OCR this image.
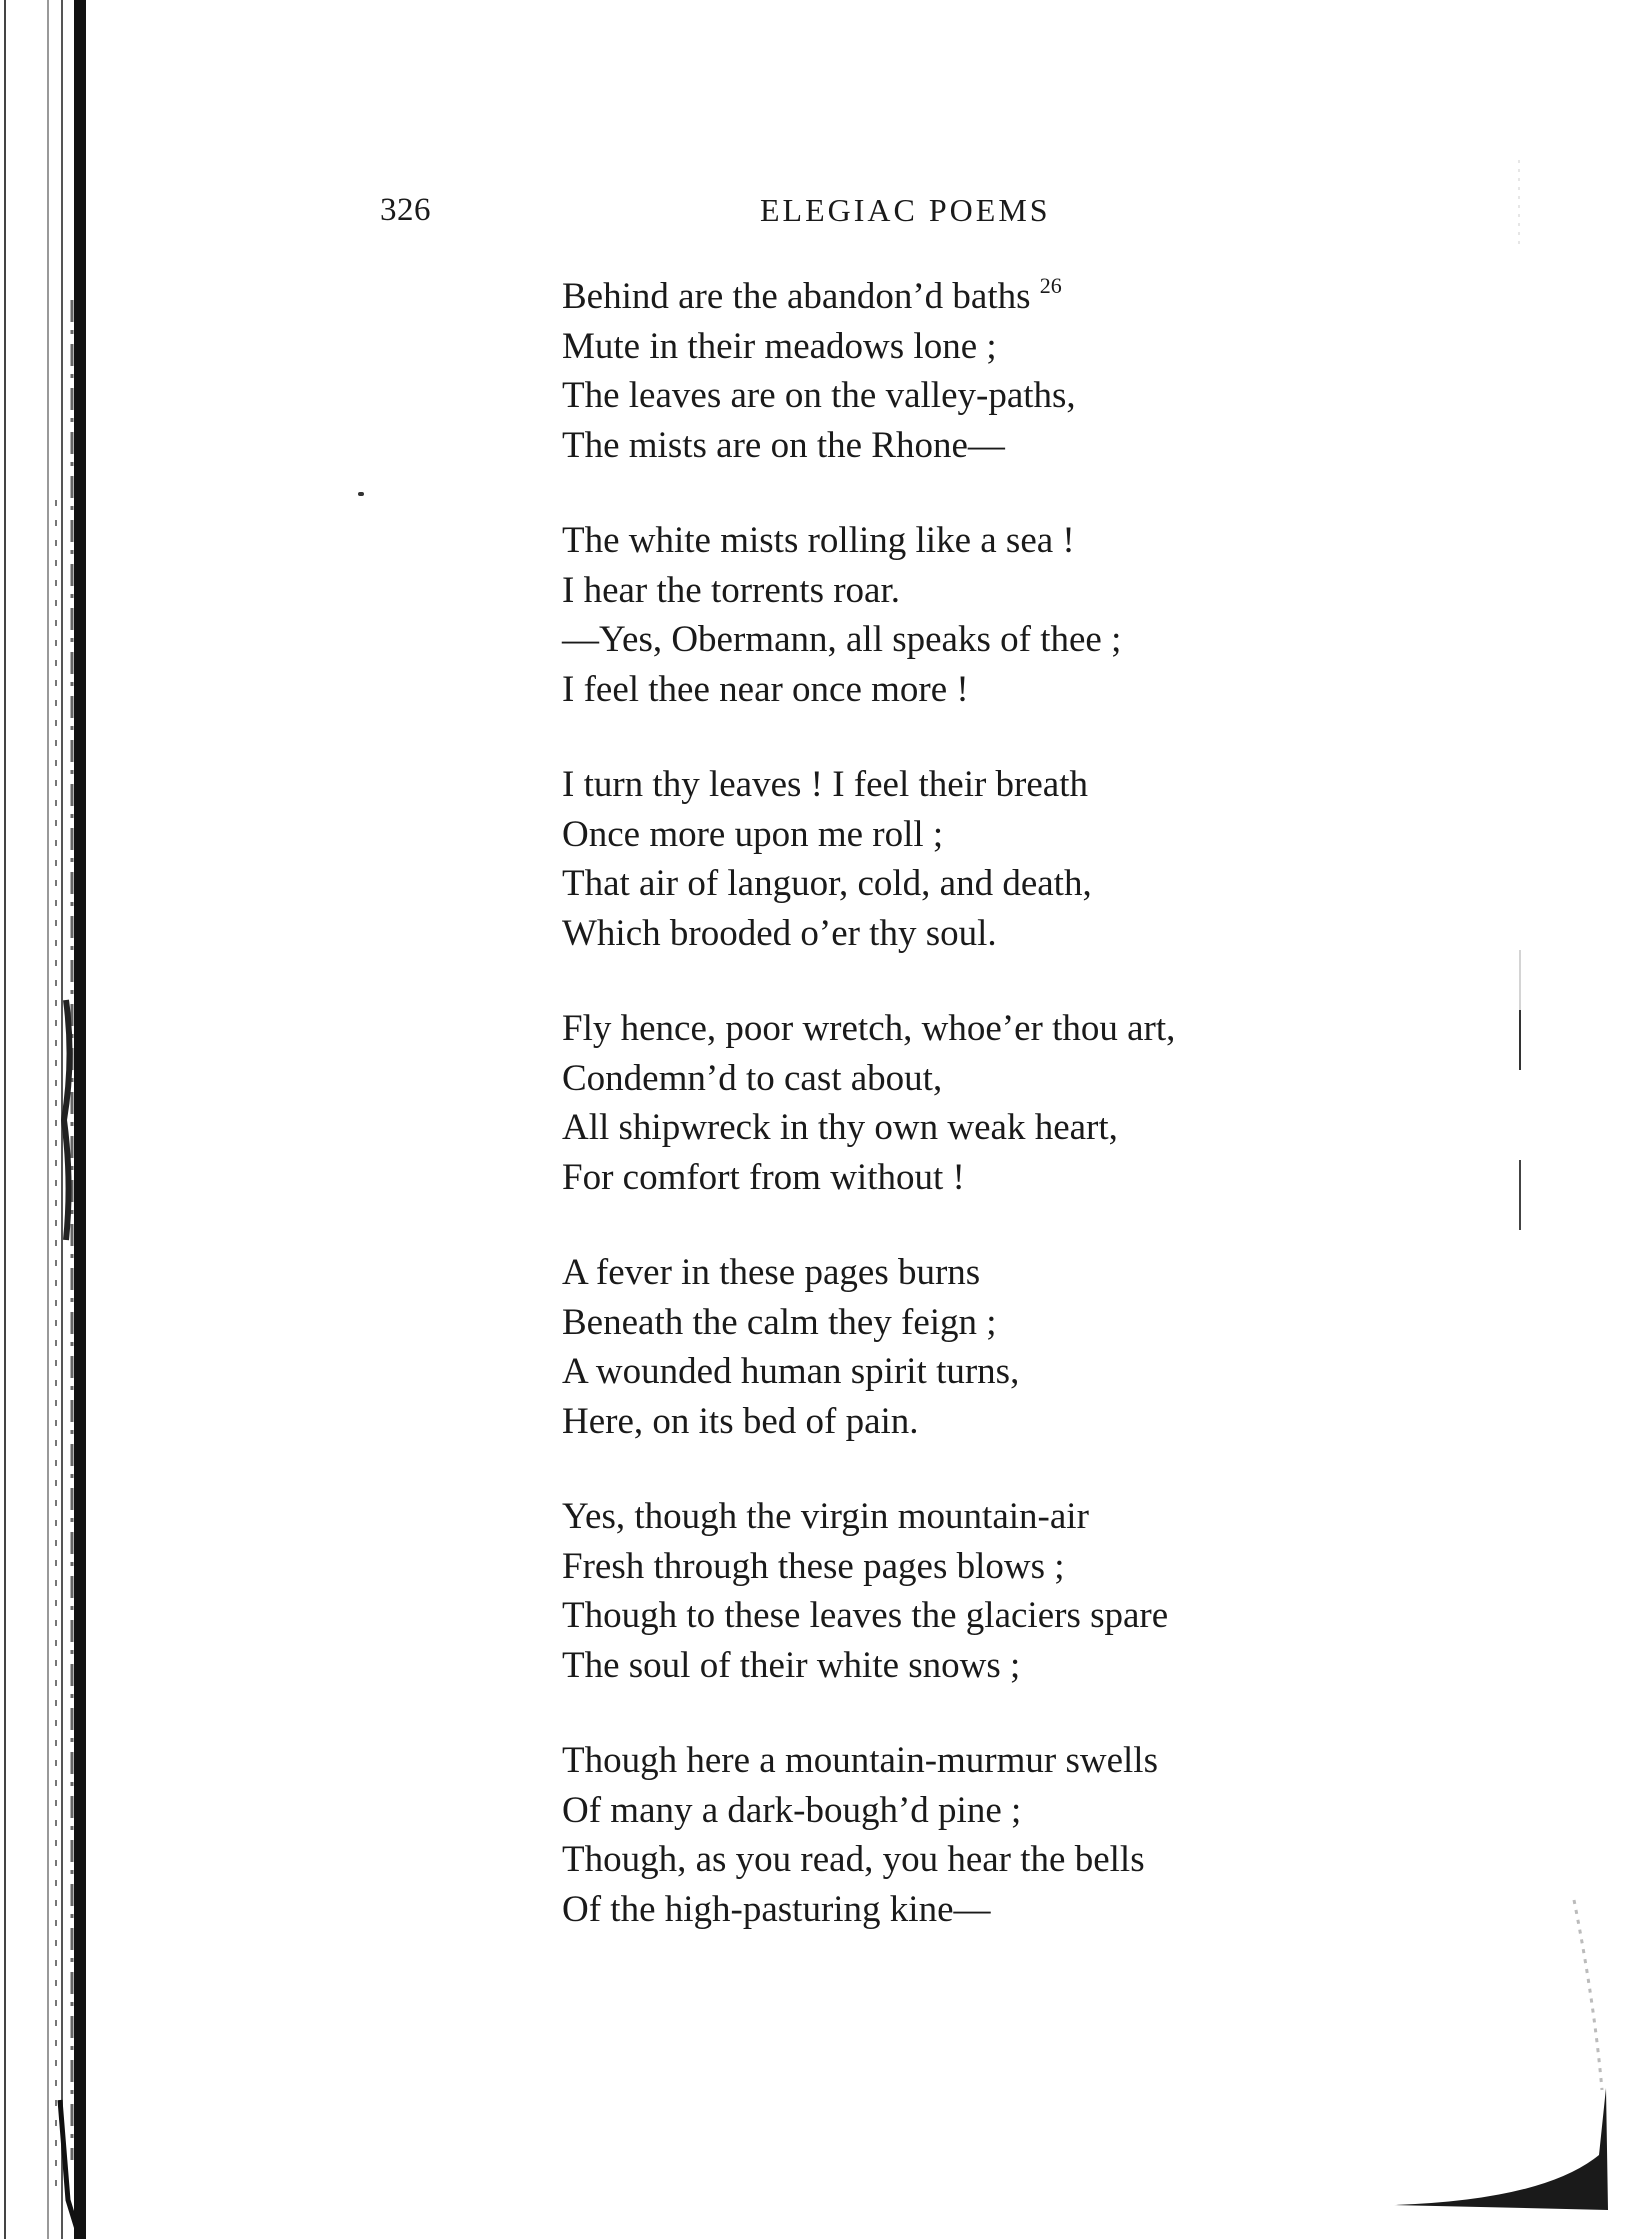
326	ELEGIAC POEMS
Behind are the abandon’d baths $^{26}$
Mute in their meadows lone ;
The leaves are on the valley-paths,
The mists are on the Rhone—
The white mists rolling like a sea !
I hear the torrents roar.
—Yes, Obermann, all speaks of thee ;
I feel thee near once more !
I turn thy leaves ! I feel their breath
Once more upon me roll ;
That air of languor, cold, and death,
Which brooded o’er thy soul.
Fly hence, poor wretch, whoe’er thou art,
Condemn’d to cast about,
All shipwreck in thy own weak heart,
For comfort from without !
A fever in these pages burns
Beneath the calm they feign ;
A wounded human spirit turns,
Here, on its bed of pain.
Yes, though the virgin mountain-air
Fresh through these pages blows ;
Though to these leaves the glaciers spare
The soul of their white snows ;
Though here a mountain-murmur swells
Of many a dark-bough’d pine ;
Though, as you read, you hear the bells
Of the high-pasturing kine—
